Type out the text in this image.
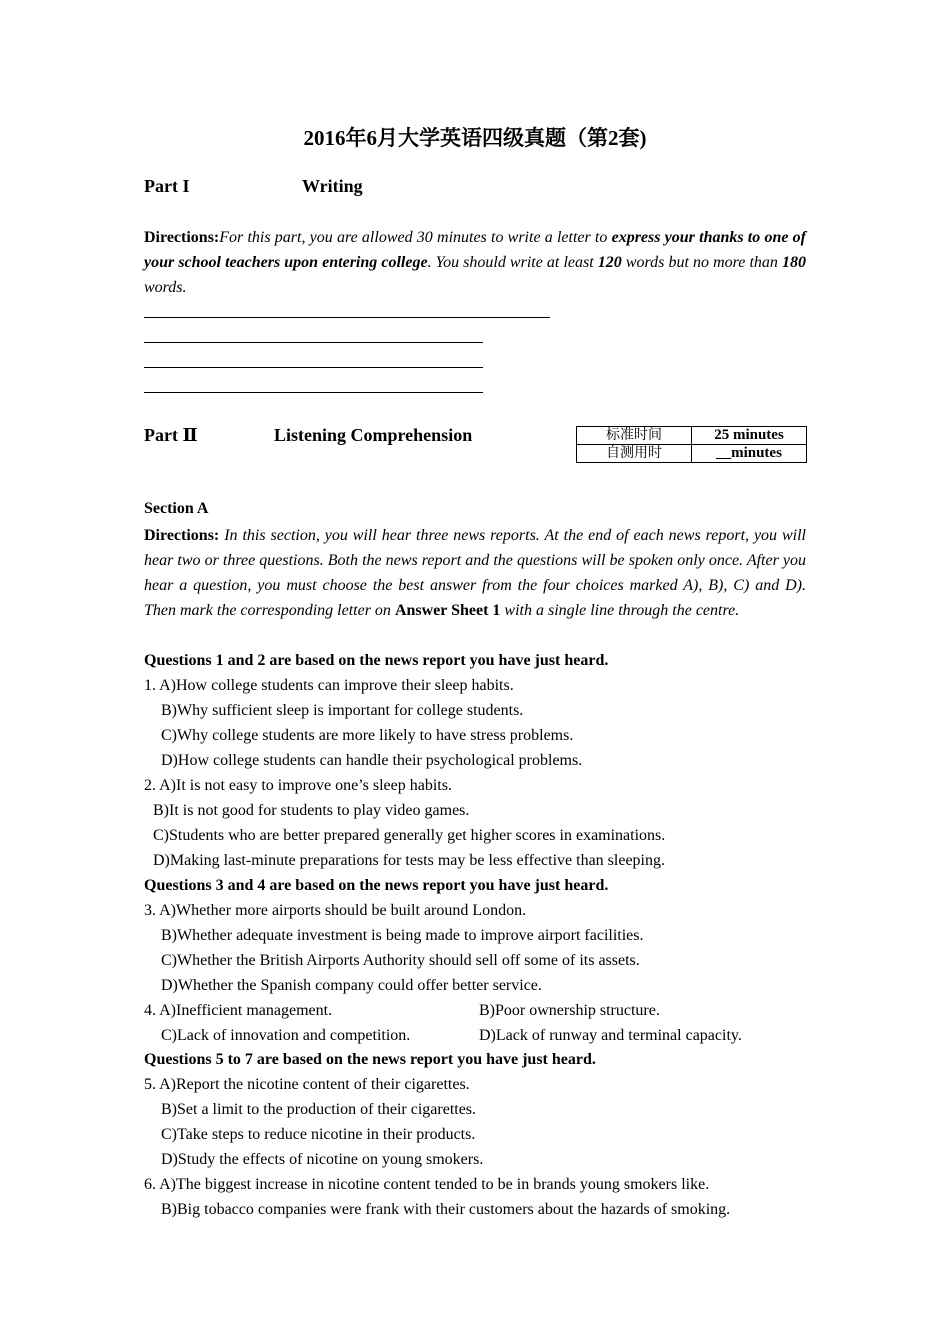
2016年6月大学英语四级真题（第2套)
Part I	Writing
Directions:For this part, you are allowed 30 minutes to write a letter to express your thanks to one of your school teachers upon entering college. You should write at least 120 words but no more than 180 words.
Part Ⅱ	Listening Comprehension	标准时间	25 minutes
自测用时	__minutes
Section A
Directions: In this section, you will hear three news reports. At the end of each news report, you will hear two or three questions. Both the news report and the questions will be spoken only once. After you hear a question, you must choose the best answer from the four choices marked A), B), C) and D). Then mark the corresponding letter on Answer Sheet 1 with a single line through the centre.
Questions 1 and 2 are based on the news report you have just heard.
1. A)How college students can improve their sleep habits.
B)Why sufficient sleep is important for college students.
C)Why college students are more likely to have stress problems.
D)How college students can handle their psychological problems.
2. A)It is not easy to improve one’s sleep habits.
B)It is not good for students to play video games.
C)Students who are better prepared generally get higher scores in examinations.
D)Making last-minute preparations for tests may be less effective than sleeping.
Questions 3 and 4 are based on the news report you have just heard.
3. A)Whether more airports should be built around London.
B)Whether adequate investment is being made to improve airport facilities.
C)Whether the British Airports Authority should sell off some of its assets.
D)Whether the Spanish company could offer better service.
4. A)Inefficient management.	B)Poor ownership structure.
C)Lack of innovation and competition.	D)Lack of runway and terminal capacity.
Questions 5 to 7 are based on the news report you have just heard.
5. A)Report the nicotine content of their cigarettes.
B)Set a limit to the production of their cigarettes.
C)Take steps to reduce nicotine in their products.
D)Study the effects of nicotine on young smokers.
6. A)The biggest increase in nicotine content tended to be in brands young smokers like.
B)Big tobacco companies were frank with their customers about the hazards of smoking.
